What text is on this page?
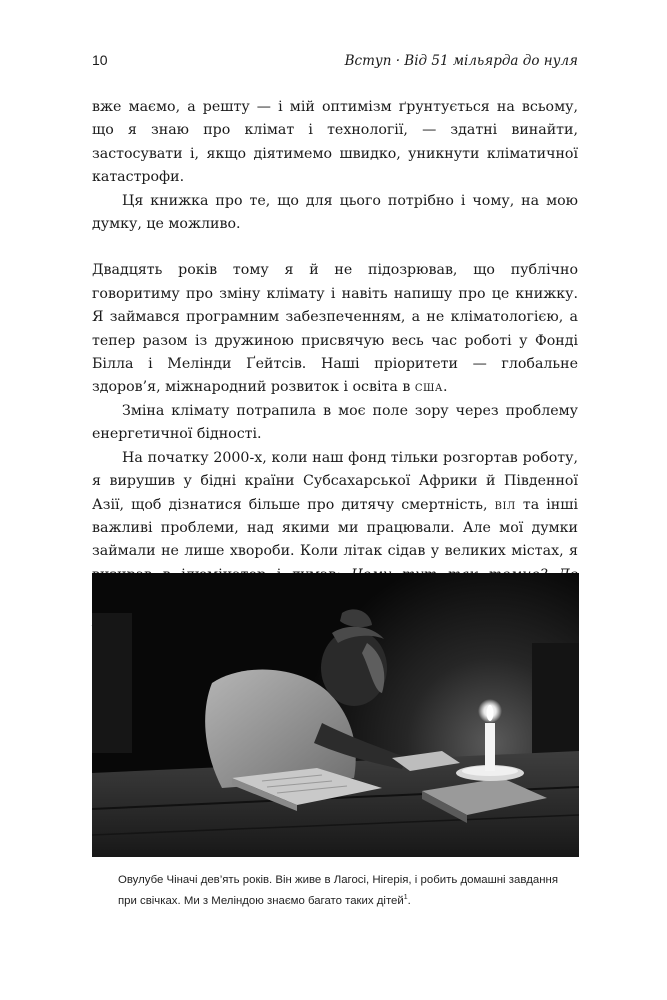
10	Вступ · Від 51 мільярда до нуля

вже маємо, а решту — і мій оптимізм ґрунтується на всьому, що я знаю про клімат і технології, — здатні винайти, застосувати і, якщо діятимемо швидко, уникнути кліматичної катастрофи.

Ця книжка про те, що для цього потрібно і чому, на мою думку, це можливо.

Двадцять років тому я й не підозрював, що публічно говоритиму про зміну клімату і навіть напишу про це книжку. Я займався програмним забезпеченням, а не кліматологією, а тепер разом із дружиною присвячую весь час роботі у Фонді Білла і Мелінди Ґейтсів. Наші пріоритети — глобальне здоров’я, міжнародний розвиток і освіта в сша.

Зміна клімату потрапила в моє поле зору через проблему енергетичної бідності.

На початку 2000-х, коли наш фонд тільки розгортав роботу, я вирушив у бідні країни Субсахарської Африки й Південної Азії, щоб дізнатися більше про дитячу смертність, віл та інші важливі проблеми, над якими ми працювали. Але мої думки займали не лише хвороби. Коли літак сідав у великих містах, я

Овулубе Чіначі дев’ять років. Він живе в Лагосі, Нігерія, і робить домашні завдання при свічках. Ми з Меліндою знаємо багато таких дітей$^1$.
